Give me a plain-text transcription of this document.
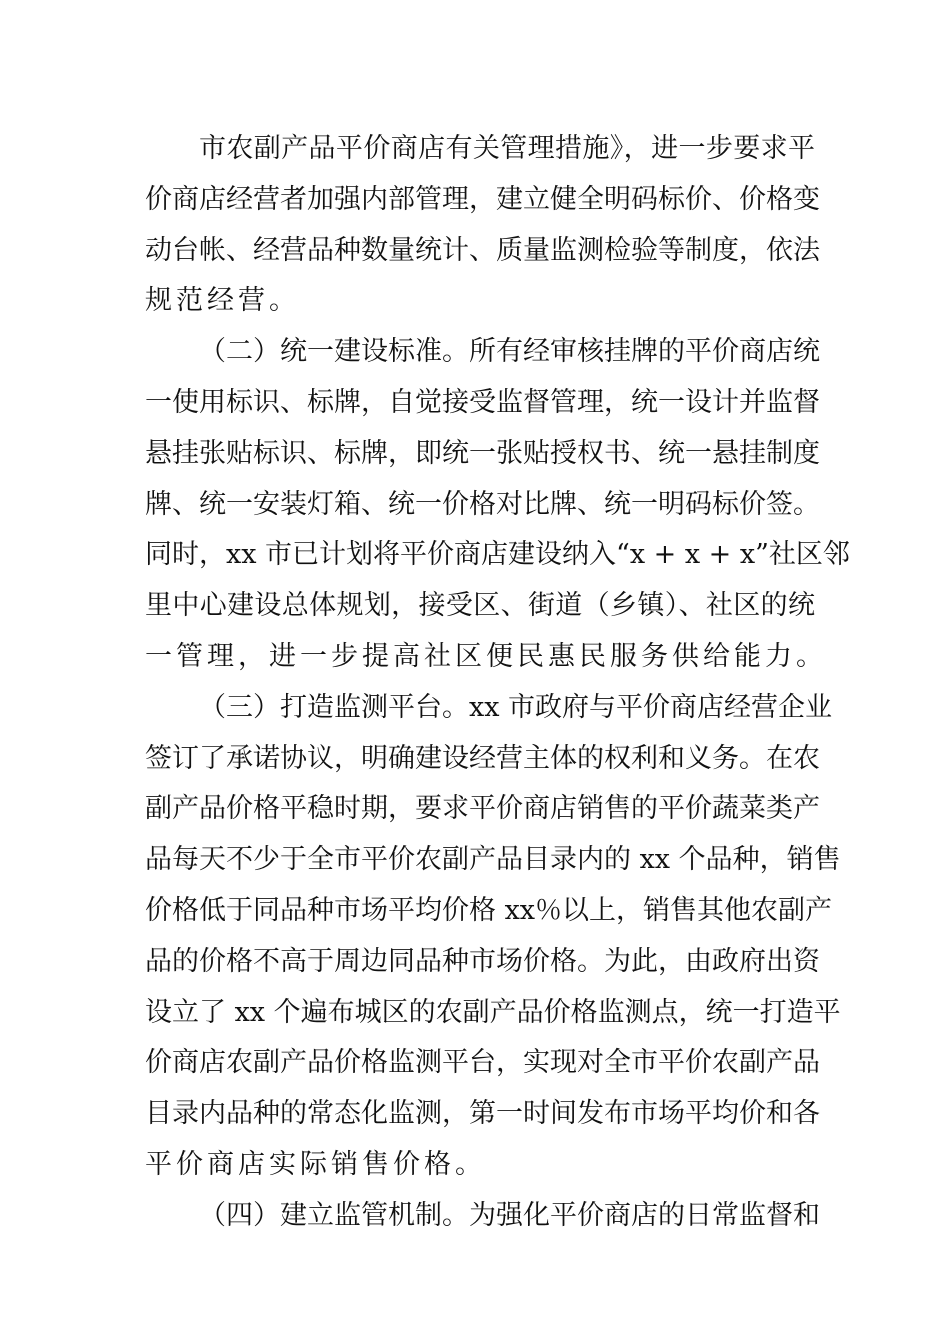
市农副产品平价商店有关管理措施》，进一步要求平
价商店经营者加强内部管理，建立健全明码标价、价格变
动台帐、经营品种数量统计、质量监测检验等制度，依法
规范经营。
（二）统一建设标准。所有经审核挂牌的平价商店统
一使用标识、标牌，自觉接受监督管理，统一设计并监督
悬挂张贴标识、标牌，即统一张贴授权书、统一悬挂制度
牌、统一安装灯箱、统一价格对比牌、统一明码标价签。
同时，xx 市已计划将平价商店建设纳入“x + x + x”社区邻
里中心建设总体规划，接受区、街道（乡镇）、社区的统
一管理，进一步提高社区便民惠民服务供给能力。
（三）打造监测平台。xx 市政府与平价商店经营企业
签订了承诺协议，明确建设经营主体的权利和义务。在农
副产品价格平稳时期，要求平价商店销售的平价蔬菜类产
品每天不少于全市平价农副产品目录内的 xx 个品种，销售
价格低于同品种市场平均价格 xx％以上，销售其他农副产
品的价格不高于周边同品种市场价格。为此，由政府出资
设立了 xx 个遍布城区的农副产品价格监测点，统一打造平
价商店农副产品价格监测平台，实现对全市平价农副产品
目录内品种的常态化监测，第一时间发布市场平均价和各
平价商店实际销售价格。
（四）建立监管机制。为强化平价商店的日常监督和
